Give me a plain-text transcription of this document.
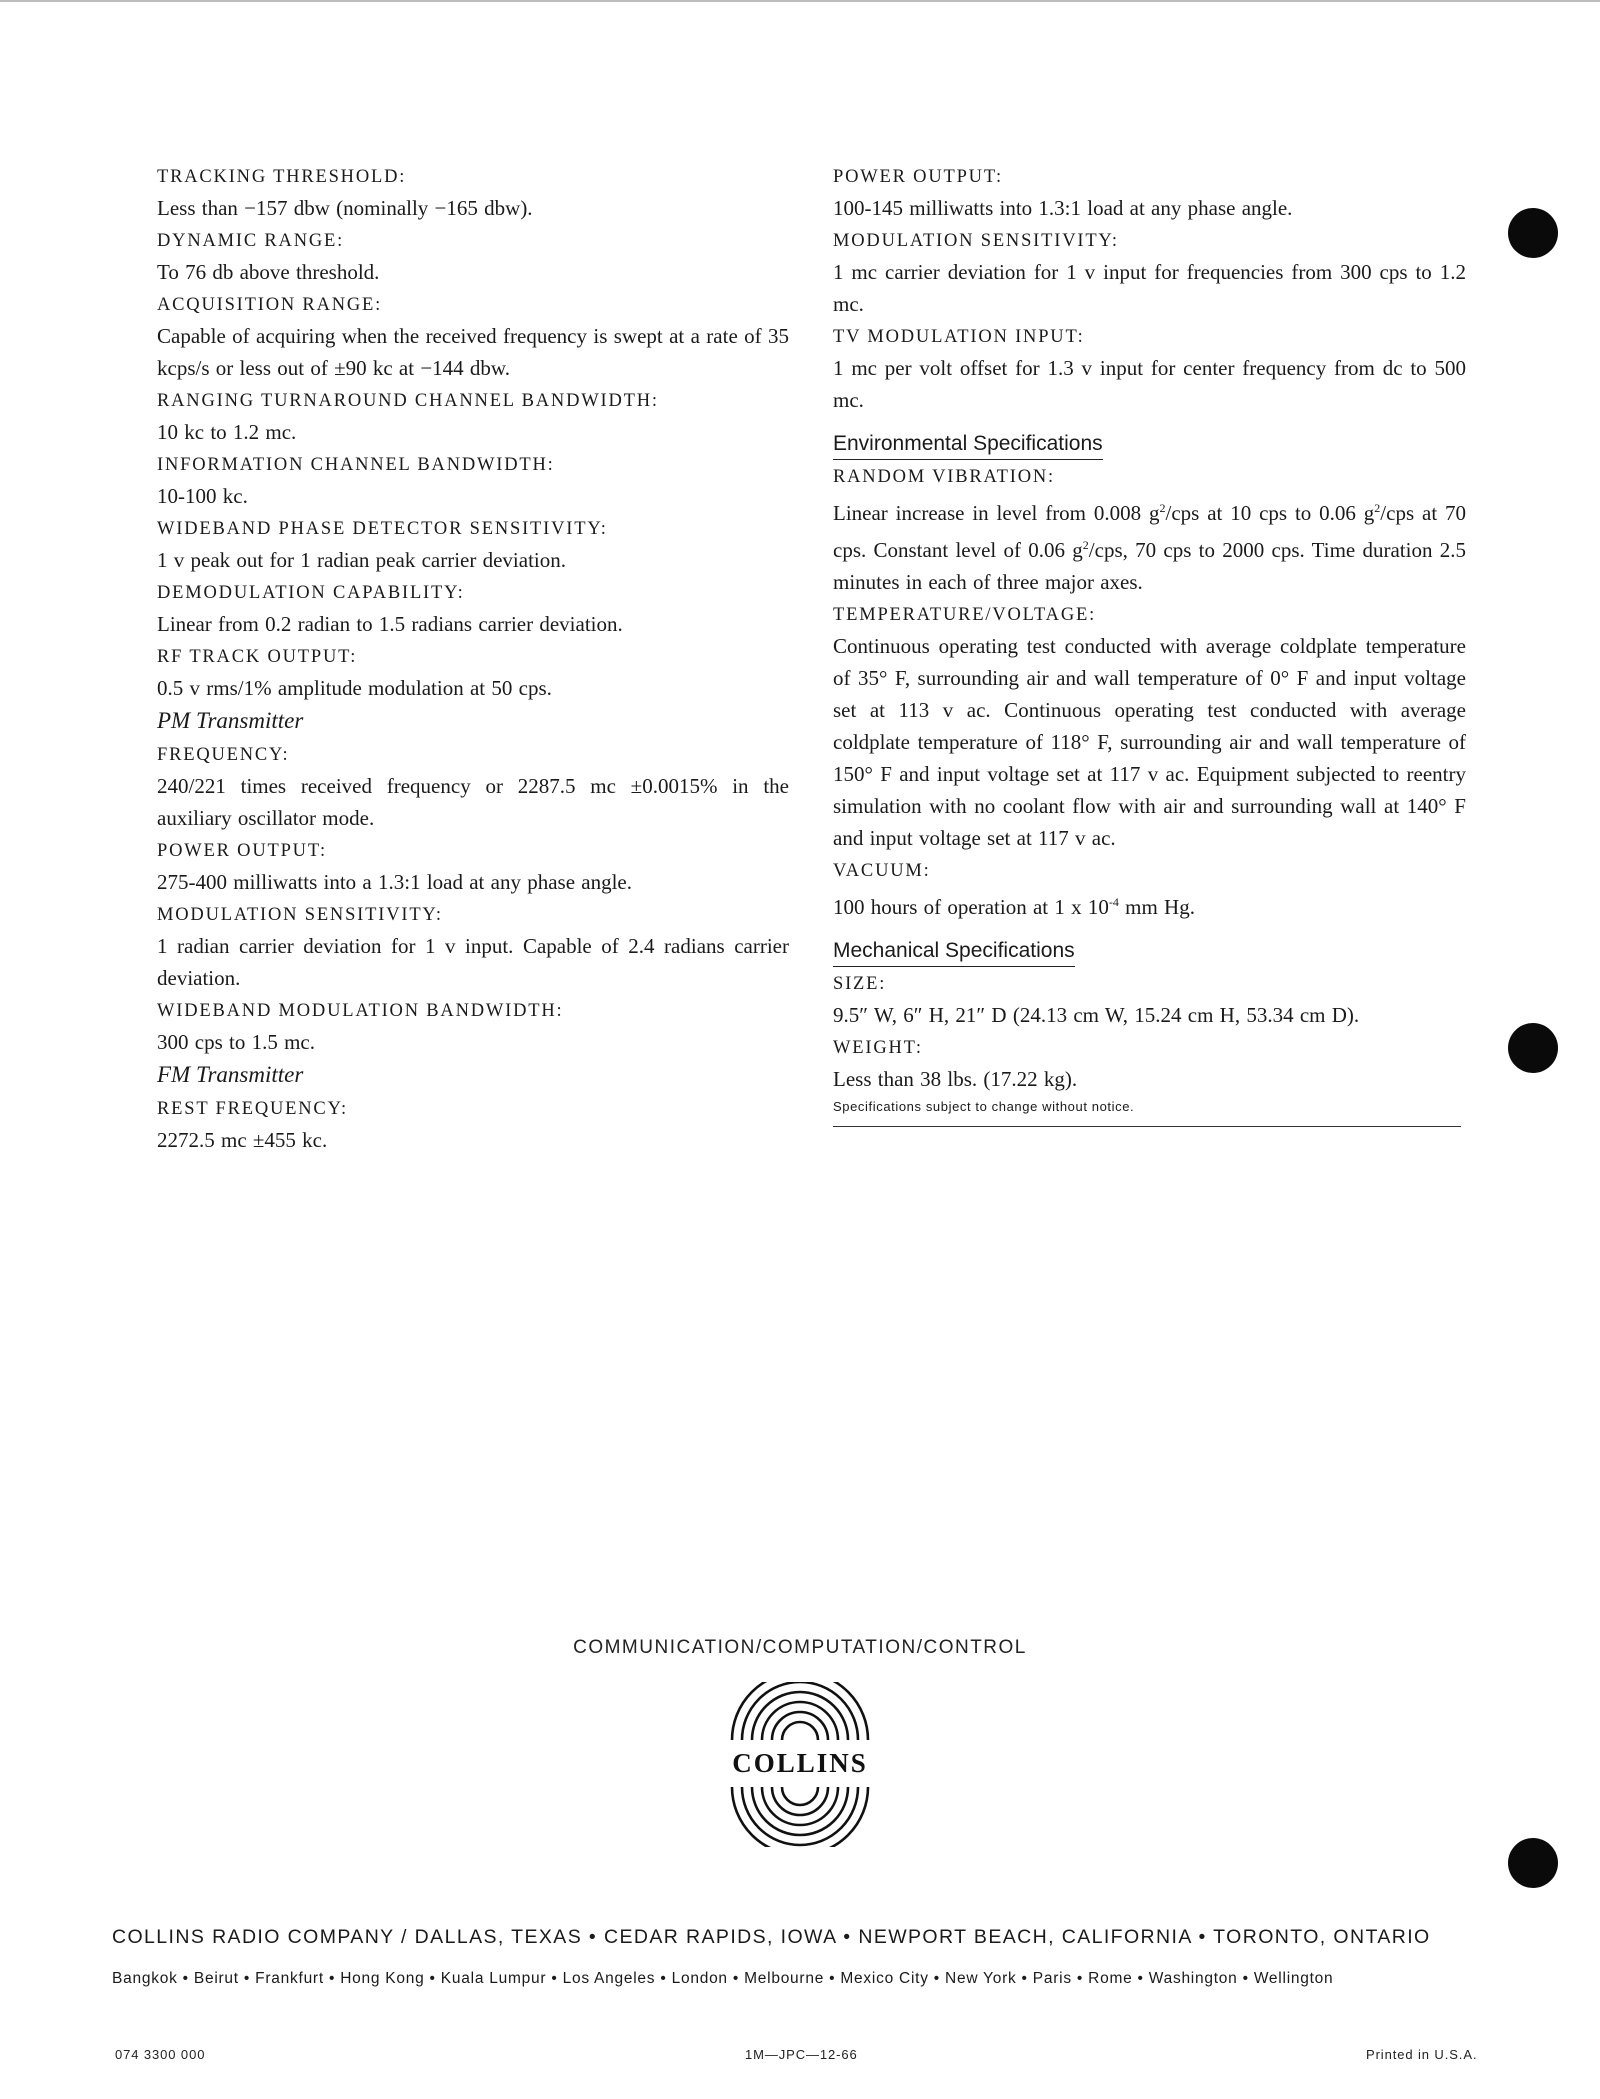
TRACKING THRESHOLD:
Less than −157 dbw (nominally −165 dbw).
DYNAMIC RANGE:
To 76 db above threshold.
ACQUISITION RANGE:
Capable of acquiring when the received frequency is swept at a rate of 35 kcps/s or less out of ±90 kc at −144 dbw.
RANGING TURNAROUND CHANNEL BANDWIDTH:
10 kc to 1.2 mc.
INFORMATION CHANNEL BANDWIDTH:
10-100 kc.
WIDEBAND PHASE DETECTOR SENSITIVITY:
1 v peak out for 1 radian peak carrier deviation.
DEMODULATION CAPABILITY:
Linear from 0.2 radian to 1.5 radians carrier deviation.
RF TRACK OUTPUT:
0.5 v rms/1% amplitude modulation at 50 cps.
PM Transmitter
FREQUENCY:
240/221 times received frequency or 2287.5 mc ±0.0015% in the auxiliary oscillator mode.
POWER OUTPUT:
275-400 milliwatts into a 1.3:1 load at any phase angle.
MODULATION SENSITIVITY:
1 radian carrier deviation for 1 v input. Capable of 2.4 radians carrier deviation.
WIDEBAND MODULATION BANDWIDTH:
300 cps to 1.5 mc.
FM Transmitter
REST FREQUENCY:
2272.5 mc ±455 kc.
POWER OUTPUT:
100-145 milliwatts into 1.3:1 load at any phase angle.
MODULATION SENSITIVITY:
1 mc carrier deviation for 1 v input for frequencies from 300 cps to 1.2 mc.
TV MODULATION INPUT:
1 mc per volt offset for 1.3 v input for center frequency from dc to 500 mc.
Environmental Specifications
RANDOM VIBRATION:
Linear increase in level from 0.008 $g^2$/cps at 10 cps to 0.06 $g^2$/cps at 70 cps. Constant level of 0.06 $g^2$/cps, 70 cps to 2000 cps. Time duration 2.5 minutes in each of three major axes.
TEMPERATURE/VOLTAGE:
Continuous operating test conducted with average coldplate temperature of 35° F, surrounding air and wall temperature of 0° F and input voltage set at 113 v ac. Continuous operating test conducted with average coldplate temperature of 118° F, surrounding air and wall temperature of 150° F and input voltage set at 117 v ac. Equipment subjected to reentry simulation with no coolant flow with air and surrounding wall at 140° F and input voltage set at 117 v ac.
VACUUM:
100 hours of operation at 1 x $10^{-4}$ mm Hg.
Mechanical Specifications
SIZE:
9.5″ W, 6″ H, 21″ D (24.13 cm W, 15.24 cm H, 53.34 cm D).
WEIGHT:
Less than 38 lbs. (17.22 kg).
Specifications subject to change without notice.
COMMUNICATION/COMPUTATION/CONTROL
COLLINS
COLLINS RADIO COMPANY / DALLAS, TEXAS • CEDAR RAPIDS, IOWA • NEWPORT BEACH, CALIFORNIA • TORONTO, ONTARIO
Bangkok • Beirut • Frankfurt • Hong Kong • Kuala Lumpur • Los Angeles • London • Melbourne • Mexico City • New York • Paris • Rome • Washington • Wellington
074 3300 000	1M—JPC—12-66	Printed in U.S.A.
